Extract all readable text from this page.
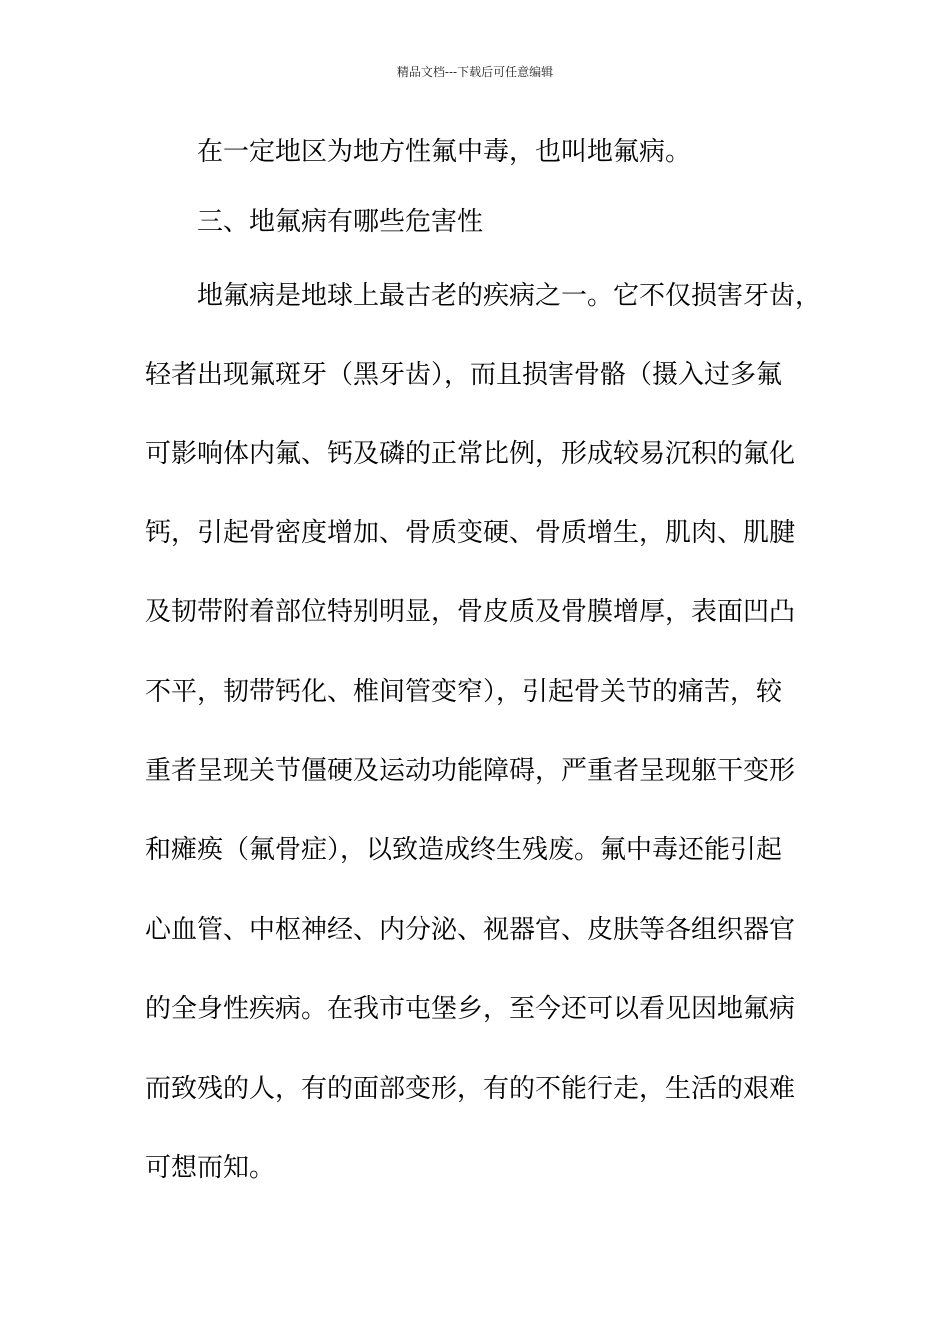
精品文档---下载后可任意编辑
在一定地区为地方性氟中毒，也叫地氟病。
三、地氟病有哪些危害性
地氟病是地球上最古老的疾病之一。它不仅损害牙齿，
轻者出现氟斑牙（黑牙齿），而且损害骨骼（摄入过多氟
可影响体内氟、钙及磷的正常比例，形成较易沉积的氟化
钙，引起骨密度增加、骨质变硬、骨质增生，肌肉、肌腱
及韧带附着部位特别明显，骨皮质及骨膜增厚，表面凹凸
不平，韧带钙化、椎间管变窄），引起骨关节的痛苦，较
重者呈现关节僵硬及运动功能障碍，严重者呈现躯干变形
和瘫痪（氟骨症），以致造成终生残废。氟中毒还能引起
心血管、中枢神经、内分泌、视器官、皮肤等各组织器官
的全身性疾病。在我市屯堡乡，至今还可以看见因地氟病
而致残的人，有的面部变形，有的不能行走，生活的艰难
可想而知。
